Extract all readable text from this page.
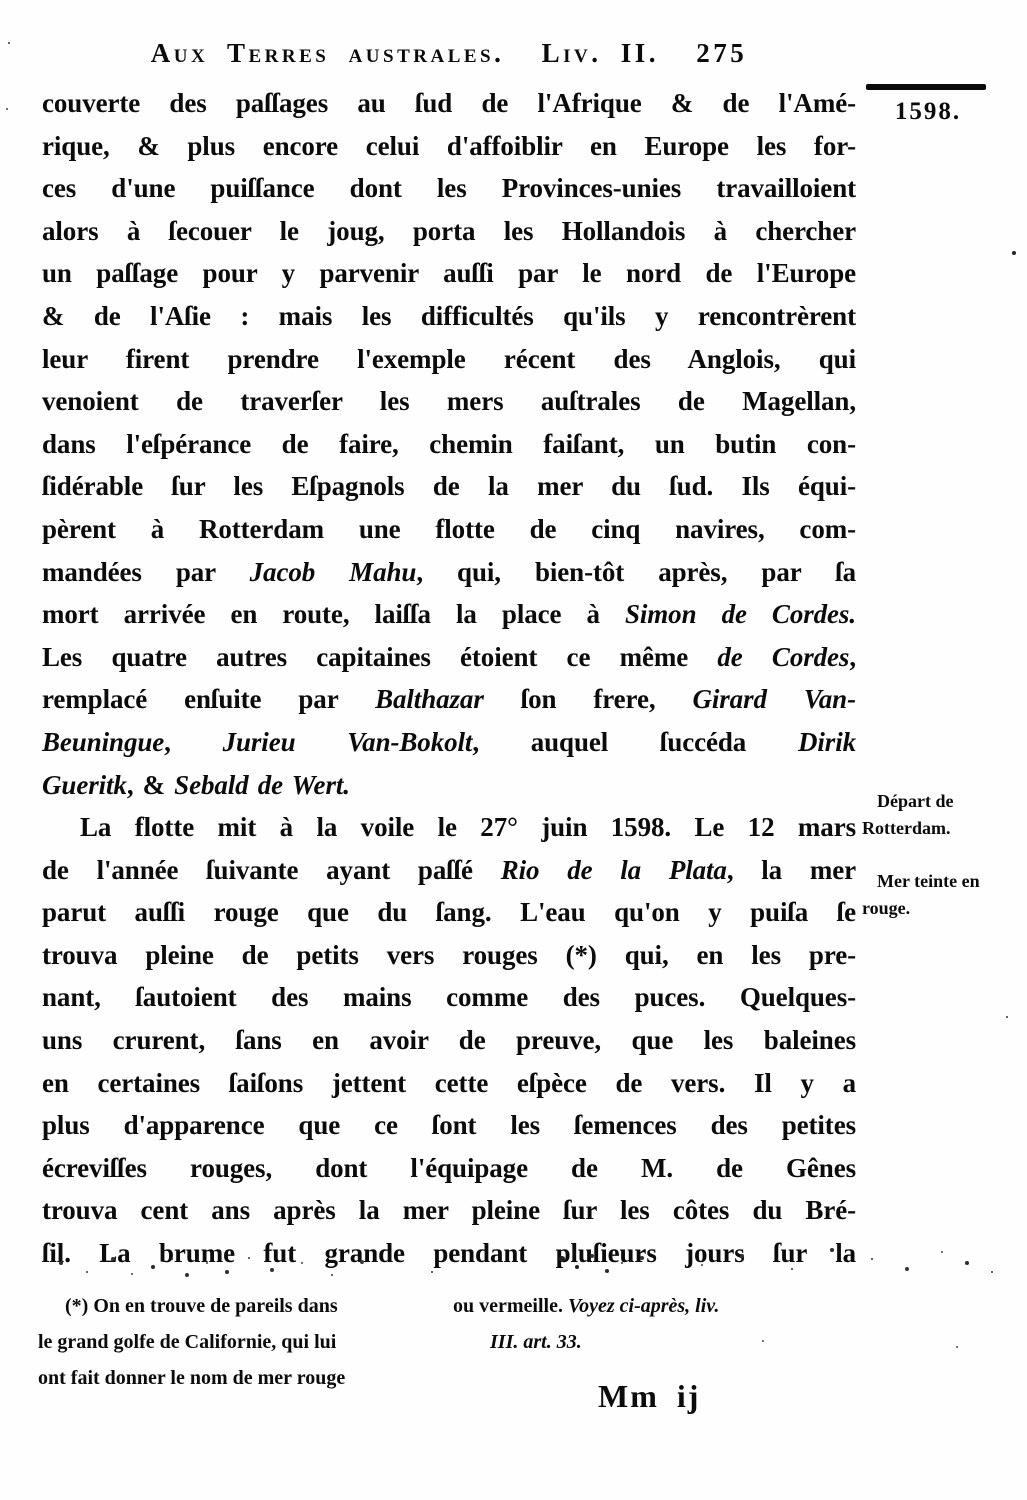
Aux Terres australes. Liv. II. 275
1598.
couverte des paſſages au ſud de l'Afrique & de l'Amé-
rique, & plus encore celui d'affoiblir en Europe les for-
ces d'une puiſſance dont les Provinces-unies travailloient
alors à ſecouer le joug, porta les Hollandois à chercher
un paſſage pour y parvenir auſſi par le nord de l'Europe
& de l'Aſie : mais les difficultés qu'ils y rencontrèrent
leur firent prendre l'exemple récent des Anglois, qui
venoient de traverſer les mers auſtrales de Magellan,
dans l'eſpérance de faire, chemin faiſant, un butin con-
ſidérable ſur les Eſpagnols de la mer du ſud. Ils équi-
pèrent à Rotterdam une flotte de cinq navires, com-
mandées par Jacob Mahu, qui, bien-tôt après, par ſa
mort arrivée en route, laiſſa la place à Simon de Cordes.
Les quatre autres capitaines étoient ce même de Cordes,
remplacé enſuite par Balthazar ſon frere, Girard Van-
Beuningue, Jurieu Van-Bokolt, auquel ſuccéda Dirik
Gueritk, & Sebald de Wert.
La flotte mit à la voile le 27° juin 1598. Le 12 mars
de l'année ſuivante ayant paſſé Rio de la Plata, la mer
parut auſſi rouge que du ſang. L'eau qu'on y puiſa ſe
trouva pleine de petits vers rouges (*) qui, en les pre-
nant, ſautoient des mains comme des puces. Quelques-
uns crurent, ſans en avoir de preuve, que les baleines
en certaines ſaiſons jettent cette eſpèce de vers. Il y a
plus d'apparence que ce ſont les ſemences des petites
écreviſſes rouges, dont l'équipage de M. de Gênes
trouva cent ans après la mer pleine ſur les côtes du Bré-
ſil. La brume fut grande pendant pluſieurs jours ſur la
Départ de Rotterdam.
Mer teinte en rouge.
(*) On en trouve de pareils dans
le grand golfe de Californie, qui lui
ont fait donner le nom de mer rouge
ou vermeille. Voyez ci-après, liv.
III. art. 33.
Mm ij
